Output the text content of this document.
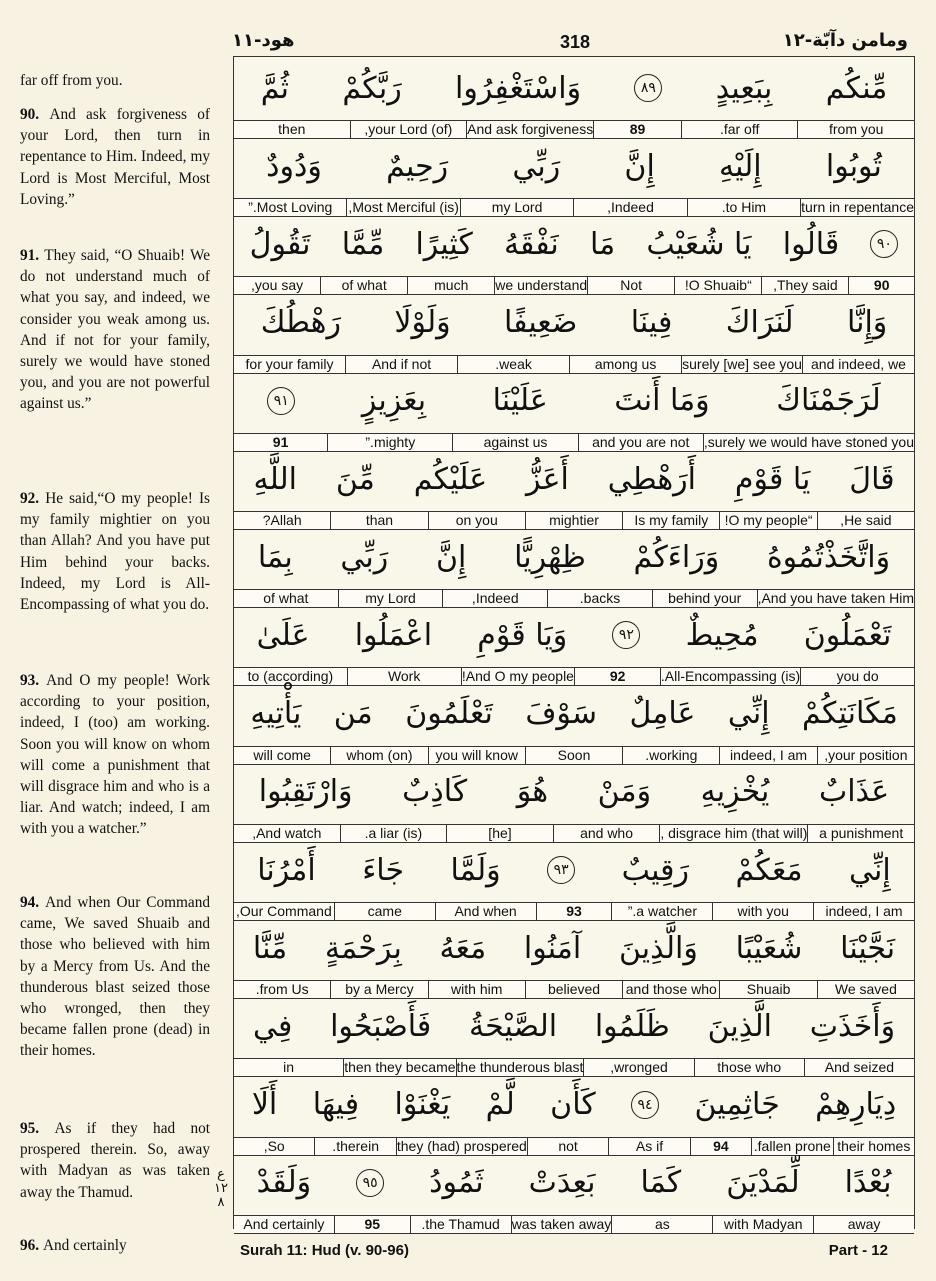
ومامن دآبّة-١٢
318
هود-١١

far off from you.

90. And ask forgiveness of your Lord, then turn in repentance to Him. Indeed, my Lord is Most Merciful, Most Loving.”

91. They said, “O Shuaib! We do not understand much of what you say, and indeed, we consider you weak among us. And if not for your family, surely we would have stoned you, and you are not powerful against us.”

92. He said,“O my people! Is my family mightier on you than Allah? And you have put Him behind your backs. Indeed, my Lord is All-Encompassing of what you do.

93. And O my people! Work according to your position, indeed, I (too) am working. Soon you will know on whom will come a punishment that will disgrace him and who is a liar. And watch; indeed, I am with you a watcher.”

94. And when Our Command came, We saved Shuaib and those who believed with him by a Mercy from Us. And the thunderous blast seized those who wronged, then they became fallen prone (dead) in their homes.

95. As if they had not prospered therein. So, away with Madyan as was taken away the Thamud.

96. And certainly

مِّنكُم
بِبَعِيدٍ
٨٩
وَاسْتَغْفِرُوا
رَبَّكُمْ
ثُمَّ
from you
far off.
89
And ask forgiveness
(of) your Lord,
then
تُوبُوا
إِلَيْهِ
إِنَّ
رَبِّي
رَحِيمٌ
وَدُودٌ
turn in repentance
to Him.
Indeed,
my Lord
(is) Most Merciful,
Most Loving.”
٩٠
قَالُوا
يَا شُعَيْبُ
مَا
نَفْقَهُ
كَثِيرًا
مِّمَّا
تَقُولُ
90
They said,
“O Shuaib!
Not
we understand
much
of what
you say,
وَإِنَّا
لَنَرَاكَ
فِينَا
ضَعِيفًا
وَلَوْلَا
رَهْطُكَ
and indeed, we
surely [we] see you
among us
weak.
And if not
for your family
لَرَجَمْنَاكَ
وَمَا أَنتَ
عَلَيْنَا
بِعَزِيزٍ
٩١
surely we would have stoned you,
and you are not
against us
mighty.”
91
قَالَ
يَا قَوْمِ
أَرَهْطِي
أَعَزُّ
عَلَيْكُم
مِّنَ
اللَّهِ
He said,
“O my people!
Is my family
mightier
on you
than
Allah?
وَاتَّخَذْتُمُوهُ
وَرَاءَكُمْ
ظِهْرِيًّا
إِنَّ
رَبِّي
بِمَا
And you have taken Him,
behind your
backs.
Indeed,
my Lord
of what
تَعْمَلُونَ
مُحِيطٌ
٩٢
وَيَا قَوْمِ
اعْمَلُوا
عَلَىٰ
you do
(is) All-Encompassing.
92
And O my people!
Work
(according) to
مَكَانَتِكُمْ
إِنِّي
عَامِلٌ
سَوْفَ
تَعْلَمُونَ
مَن
يَأْتِيهِ
your position,
indeed, I am
working.
Soon
you will know
(on) whom
will come
عَذَابٌ
يُخْزِيهِ
وَمَنْ
هُوَ
كَاذِبٌ
وَارْتَقِبُوا
a punishment
(that will) disgrace him ,
and who
[he]
(is) a liar.
And watch,
إِنِّي
مَعَكُمْ
رَقِيبٌ
٩٣
وَلَمَّا
جَاءَ
أَمْرُنَا
indeed, I am
with you
a watcher.”
93
And when
came
Our Command,
نَجَّيْنَا
شُعَيْبًا
وَالَّذِينَ
آمَنُوا
مَعَهُ
بِرَحْمَةٍ
مِّنَّا
We saved
Shuaib
and those who
believed
with him
by a Mercy
from Us.
وَأَخَذَتِ
الَّذِينَ
ظَلَمُوا
الصَّيْحَةُ
فَأَصْبَحُوا
فِي
And seized
those who
wronged,
the thunderous blast
then they became
in
دِيَارِهِمْ
جَاثِمِينَ
٩٤
كَأَن
لَّمْ
يَغْنَوْا
فِيهَا
أَلَا
their homes
fallen prone.
94
As if
not
they (had) prospered
therein.
So,
بُعْدًا
لِّمَدْيَنَ
كَمَا
بَعِدَتْ
ثَمُودُ
٩٥
وَلَقَدْ
away
with Madyan
as
was taken away
the Thamud.
95
And certainly
ع ١٢ ٨
Surah 11: Hud (v. 90-96)	Part - 12
